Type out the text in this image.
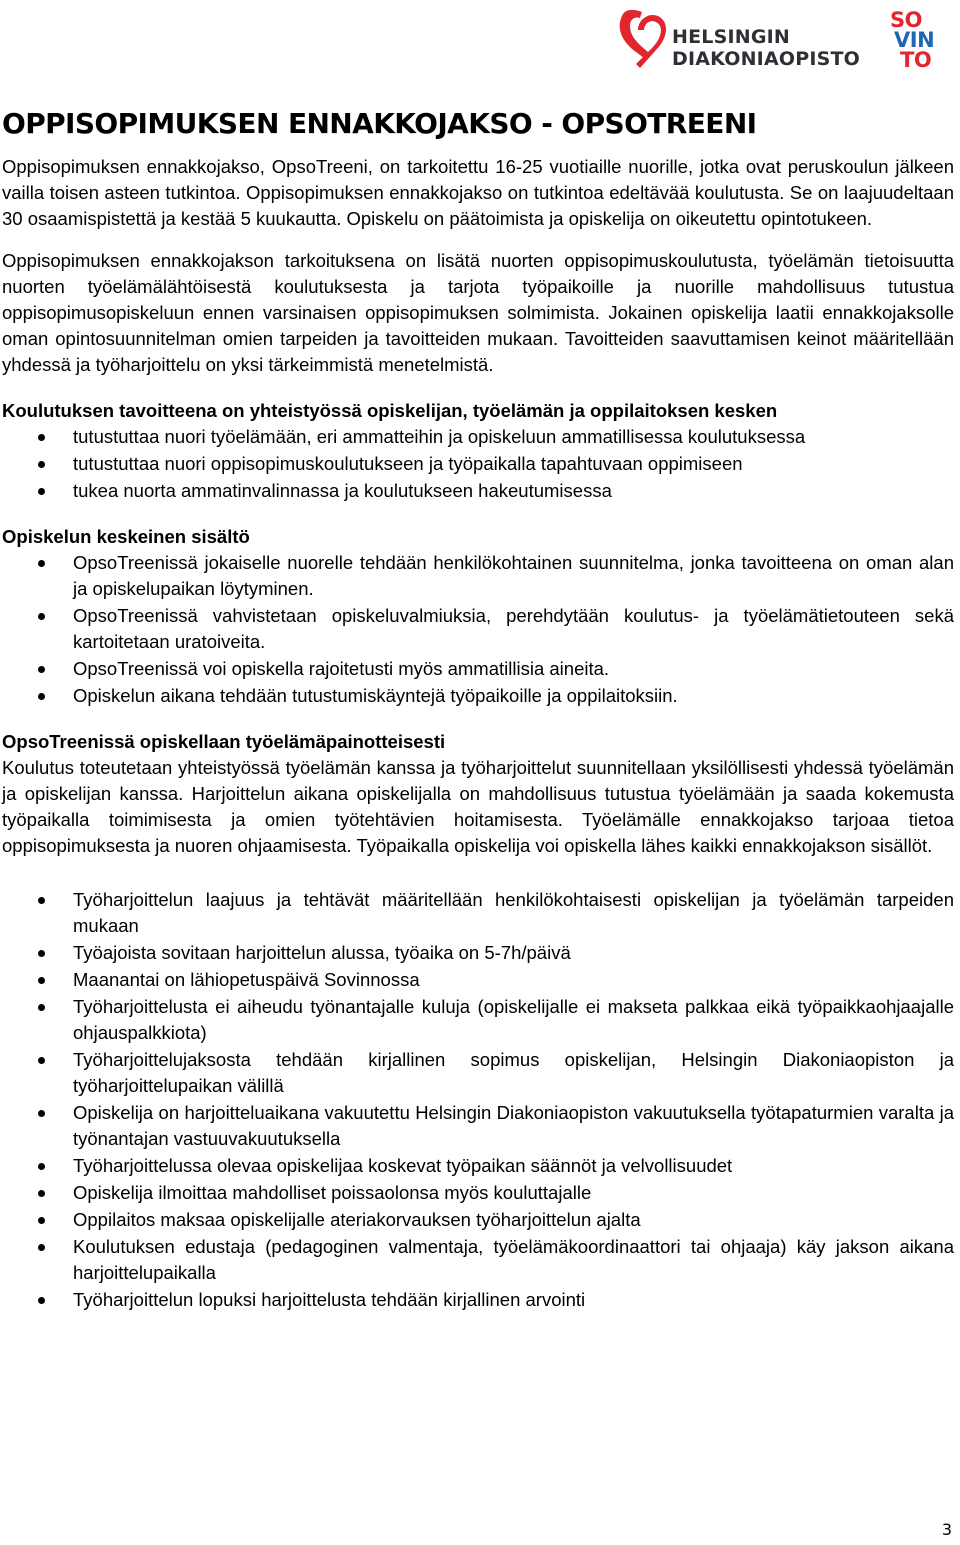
HELSINGIN
DIAKONIAOPISTO
SO
VIN
TO
OPPISOPIMUKSEN ENNAKKOJAKSO - OPSOTREENI

Oppisopimuksen ennakkojakso, OpsoTreeni, on tarkoitettu 16-25 vuotiaille nuorille, jotka ovat peruskoulun jälkeen vailla toisen asteen tutkintoa. Oppisopimuksen ennakkojakso on tutkintoa edeltävää koulutusta. Se on laajuudeltaan 30 osaamispistettä ja kestää 5 kuukautta. Opiskelu on päätoimista ja opiskelija on oikeutettu opintotukeen.

Oppisopimuksen ennakkojakson tarkoituksena on lisätä nuorten oppisopimuskoulutusta, työelämän tietoisuutta nuorten työelämälähtöisestä koulutuksesta ja tarjota työpaikoille ja nuorille mahdollisuus tutustua oppisopimusopiskeluun ennen varsinaisen oppisopimuksen solmimista. Jokainen opiskelija laatii ennakkojaksolle oman opintosuunnitelman omien tarpeiden ja tavoitteiden mukaan. Tavoitteiden saavuttamisen keinot määritellään yhdessä ja työharjoittelu on yksi tärkeimmistä menetelmistä.

Koulutuksen tavoitteena on yhteistyössä opiskelijan, työelämän ja oppilaitoksen kesken
tutustuttaa nuori työelämään, eri ammatteihin ja opiskeluun ammatillisessa koulutuksessa
tutustuttaa nuori oppisopimuskoulutukseen ja työpaikalla tapahtuvaan oppimiseen
tukea nuorta ammatinvalinnassa ja koulutukseen hakeutumisessa
Opiskelun keskeinen sisältö
OpsoTreenissä jokaiselle nuorelle tehdään henkilökohtainen suunnitelma, jonka tavoitteena on oman alan ja opiskelupaikan löytyminen.
OpsoTreenissä vahvistetaan opiskeluvalmiuksia, perehdytään koulutus- ja työelämätietouteen sekä kartoitetaan uratoiveita.
OpsoTreenissä voi opiskella rajoitetusti myös ammatillisia aineita.
Opiskelun aikana tehdään tutustumiskäyntejä työpaikoille ja oppilaitoksiin.
OpsoTreenissä opiskellaan työelämäpainotteisesti

Koulutus toteutetaan yhteistyössä työelämän kanssa ja työharjoittelut suunnitellaan yksilöllisesti yhdessä työelämän ja opiskelijan kanssa. Harjoittelun aikana opiskelijalla on mahdollisuus tutustua työelämään ja saada kokemusta työpaikalla toimimisesta ja omien työtehtävien hoitamisesta. Työelämälle ennakkojakso tarjoaa tietoa oppisopimuksesta ja nuoren ohjaamisesta. Työpaikalla opiskelija voi opiskella lähes kaikki ennakkojakson sisällöt.

Työharjoittelun laajuus ja tehtävät määritellään henkilökohtaisesti opiskelijan ja työelämän tarpeiden mukaan
Työajoista sovitaan harjoittelun alussa, työaika on 5-7h/päivä
Maanantai on lähiopetuspäivä Sovinnossa
Työharjoittelusta ei aiheudu työnantajalle kuluja (opiskelijalle ei makseta palkkaa eikä työpaikkaohjaajalle ohjauspalkkiota)
Työharjoittelujaksosta tehdään kirjallinen sopimus opiskelijan, Helsingin Diakoniaopiston ja työharjoittelupaikan välillä
Opiskelija on harjoitteluaikana vakuutettu Helsingin Diakoniaopiston vakuutuksella työtapaturmien varalta ja työnantajan vastuuvakuutuksella
Työharjoittelussa olevaa opiskelijaa koskevat työpaikan säännöt ja velvollisuudet
Opiskelija ilmoittaa mahdolliset poissaolonsa myös kouluttajalle
Oppilaitos maksaa opiskelijalle ateriakorvauksen työharjoittelun ajalta
Koulutuksen edustaja (pedagoginen valmentaja, työelämäkoordinaattori tai ohjaaja) käy jakson aikana harjoittelupaikalla
Työharjoittelun lopuksi harjoittelusta tehdään kirjallinen arvointi
3
